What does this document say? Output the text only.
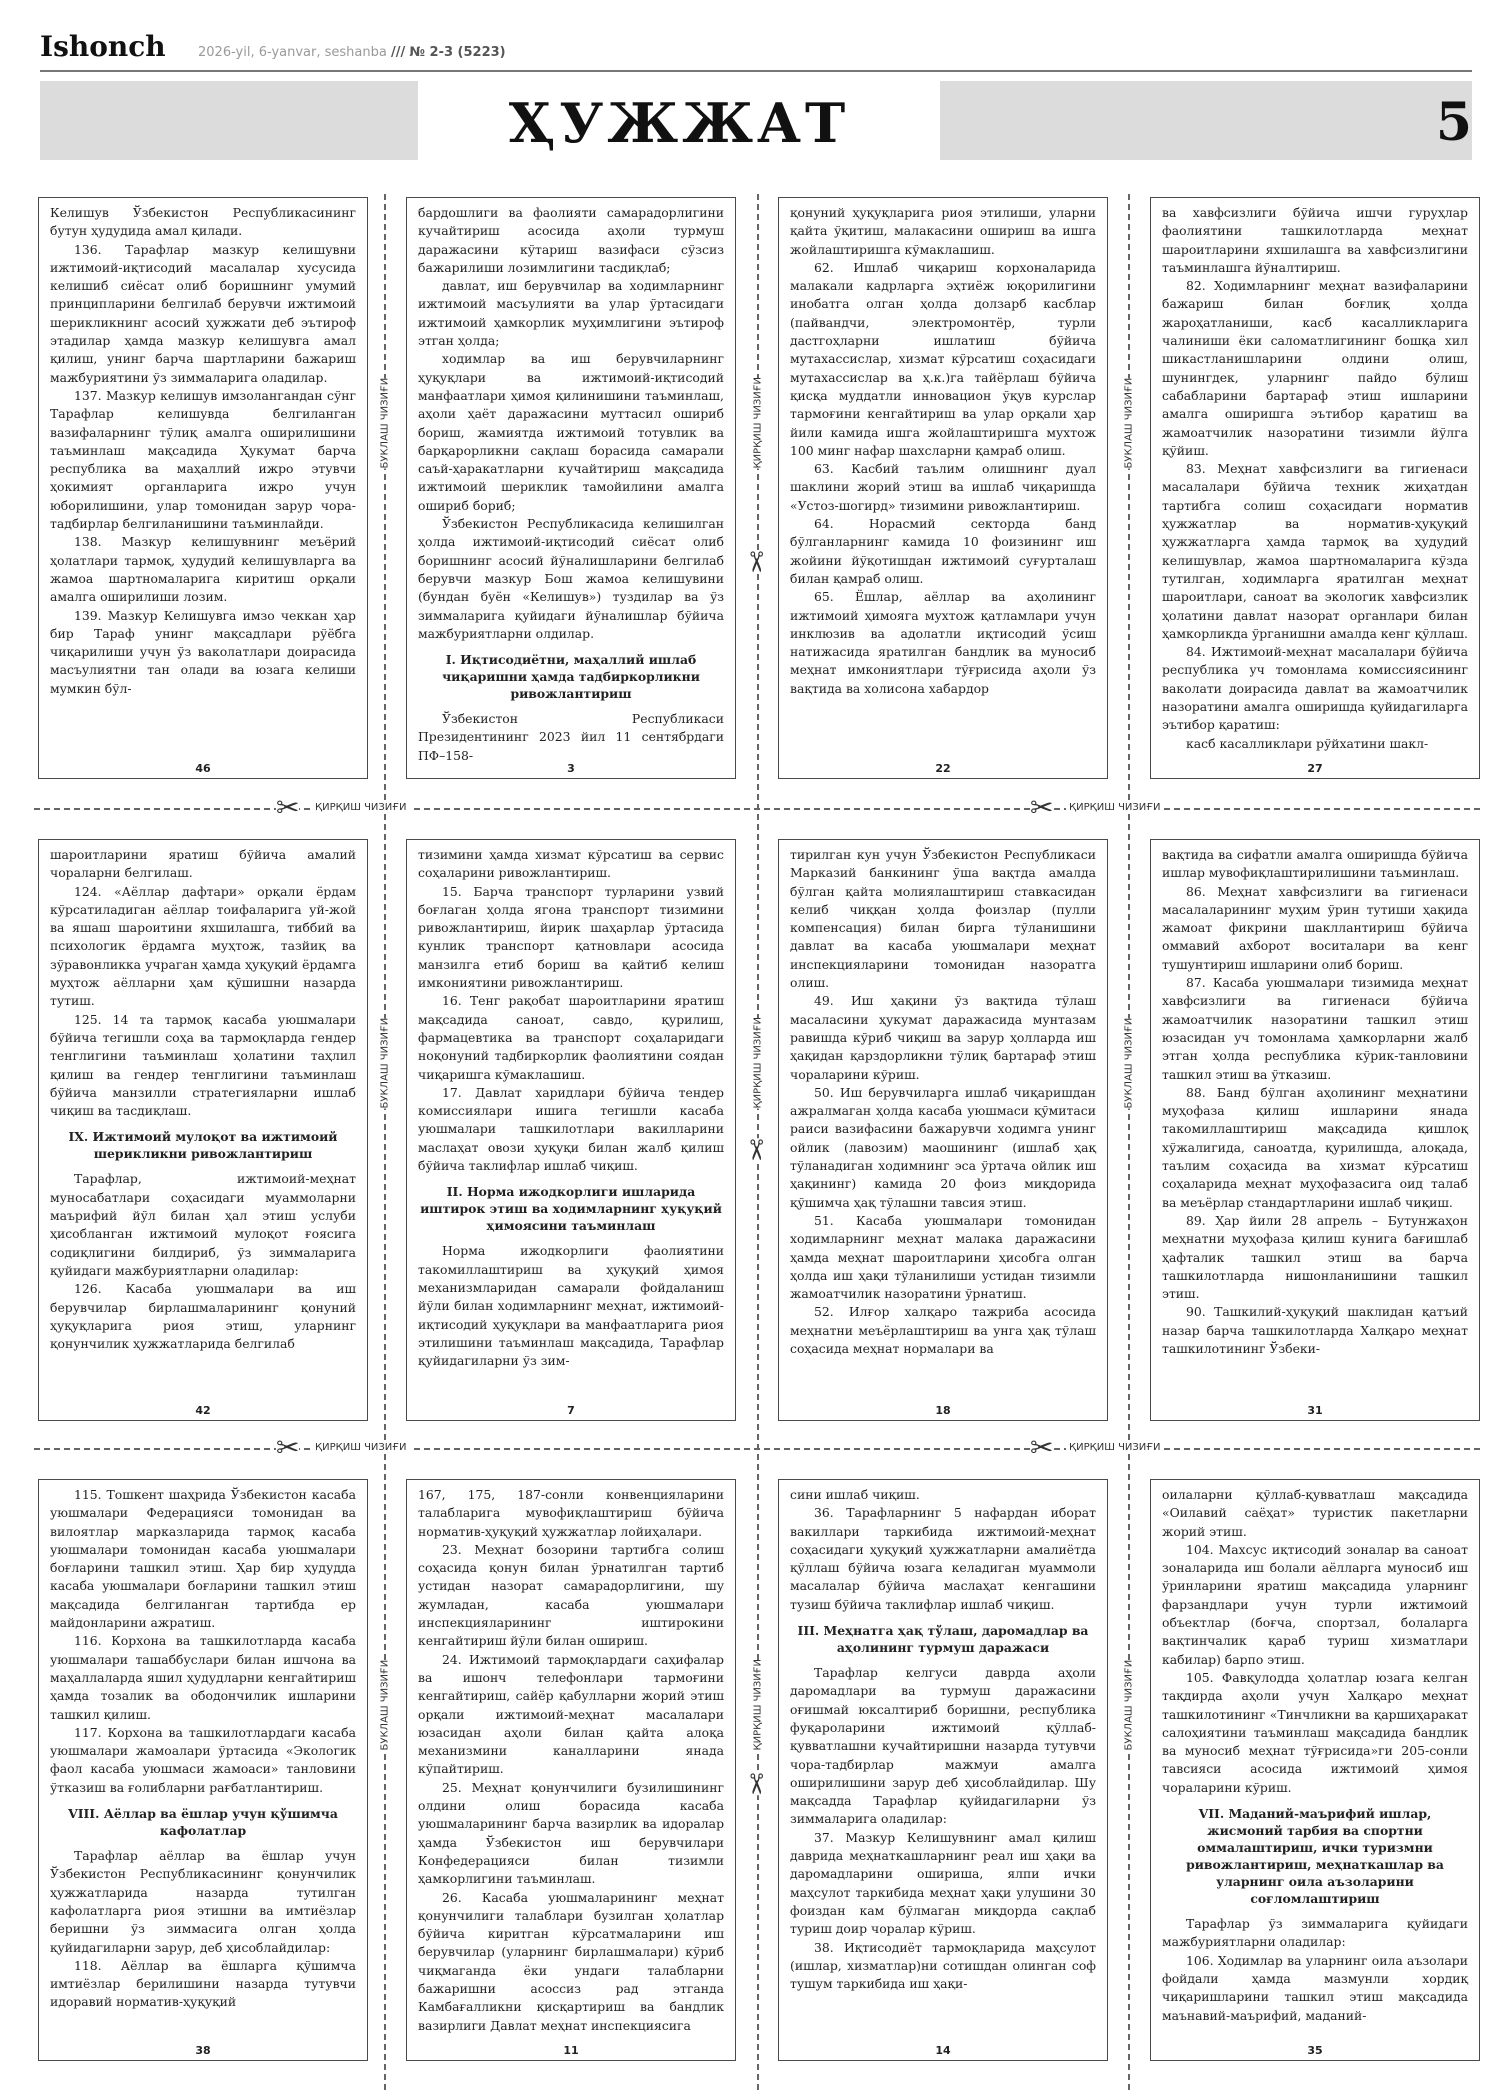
Ishonch 2026-yil, 6-yanvar, seshanba /// № 2-3 (5223)
ҲУЖЖАТ	5
✂	ҚИРҚИШ ЧИЗИҒИ	✂	ҚИРҚИШ ЧИЗИҒИ
✂	ҚИРҚИШ ЧИЗИҒИ	✂	ҚИРҚИШ ЧИЗИҒИ
БУКЛАШ ЧИЗИҒИ
БУКЛАШ ЧИЗИҒИ
БУКЛАШ ЧИЗИҒИ
БУКЛАШ ЧИЗИҒИ
БУКЛАШ ЧИЗИҒИ
БУКЛАШ ЧИЗИҒИ
ҚИРҚИШ ЧИЗИҒИ
ҚИРҚИШ ЧИЗИҒИ
ҚИРҚИШ ЧИЗИҒИ
✂
✂
✂

Келишув Ўзбекистон Республикасининг бутун ҳудудида амал қилади.

136. Тарафлар мазкур келишувни ижтимоий-иқтисодий масалалар хусусида келишиб сиёсат олиб боришнинг умумий принципларини белгилаб берувчи ижтимоий шерикликнинг асосий ҳужжати деб эътироф этадилар ҳамда мазкур келишувга амал қилиш, унинг барча шартларини бажариш мажбуриятини ўз зиммаларига оладилар.

137. Мазкур келишув имзолангандан сўнг Тарафлар келишувда белгиланган вазифаларнинг тўлиқ амалга оширилишини таъминлаш мақсадида Ҳукумат барча республика ва маҳаллий ижро этувчи ҳокимият органларига ижро учун юборилишини, улар томонидан зарур чора-тадбирлар белгиланишини таъминлайди.

138. Мазкур келишувнинг меъёрий ҳолатлари тармоқ, ҳудудий келишувларга ва жамоа шартномаларига киритиш орқали амалга оширилиши лозим.

139. Мазкур Келишувга имзо чеккан ҳар бир Тараф унинг мақсадлари рўёбга чиқарилиши учун ўз ваколатлари доирасида масъулиятни тан олади ва юзага келиши мумкин бўл-

46

бардошлиги ва фаолияти самарадорлигини кучайтириш асосида аҳоли турмуш даражасини кўтариш вазифаси сўзсиз бажарилиши лозимлигини тасдиқлаб;

давлат, иш берувчилар ва ходимларнинг ижтимоий масъулияти ва улар ўртасидаги ижтимоий ҳамкорлик муҳимлигини эътироф этган ҳолда;

ходимлар ва иш берувчиларнинг ҳуқуқлари ва ижтимоий-иқтисодий манфаатлари ҳимоя қилинишини таъминлаш, аҳоли ҳаёт даражасини муттасил ошириб бориш, жамиятда ижтимоий тотувлик ва барқарорликни сақлаш борасида самарали саъй-ҳаракатларни кучайтириш мақсадида ижтимоий шериклик тамойилини амалга ошириб бориб;

Ўзбекистон Республикасида келишилган ҳолда ижтимоий-иқтисодий сиёсат олиб боришнинг асосий йўналишларини белгилаб берувчи мазкур Бош жамоа келишувини (бундан буён «Келишув») туздилар ва ўз зиммаларига қуйидаги йўналишлар бўйича мажбуриятларни олдилар.

I. Иқтисодиётни, маҳаллий ишлаб чиқаришни ҳамда тадбиркорликни ривожлантириш

Ўзбекистон Республикаси Президентининг 2023 йил 11 сентябрдаги ПФ–158-

3

қонуний ҳуқуқларига риоя этилиши, уларни қайта ўқитиш, малакасини ошириш ва ишга жойлаштиришга кўмаклашиш.

62. Ишлаб чиқариш корхоналарида малакали кадрларга эҳтиёж юқорилигини инобатга олган ҳолда долзарб касблар (пайвандчи, электромонтёр, турли дастгоҳларни ишлатиш бўйича мутахассислар, хизмат кўрсатиш соҳасидаги мутахассислар ва ҳ.к.)га тайёрлаш бўйича қисқа муддатли инновацион ўқув курслар тармоғини кенгайтириш ва улар орқали ҳар йили камида ишга жойлаштиришга мухтож 100 минг нафар шахсларни қамраб олиш.

63. Касбий таълим олишнинг дуал шаклини жорий этиш ва ишлаб чиқаришда «Устоз-шогирд» тизимини ривожлантириш.

64. Норасмий секторда банд бўлганларнинг камида 10 фоизининг иш жойини йўқотишдан ижтимоий суғурталаш билан қамраб олиш.

65. Ёшлар, аёллар ва аҳолининг ижтимоий ҳимояга мухтож қатламлари учун инклюзив ва адолатли иқтисодий ўсиш натижасида яратилган бандлик ва муносиб меҳнат имкониятлари тўғрисида аҳоли ўз вақтида ва холисона хабардор

22

ва хавфсизлиги бўйича ишчи гуруҳлар фаолиятини ташкилотларда меҳнат шароитларини яхшилашга ва хавфсизлигини таъминлашга йўналтириш.

82. Ходимларнинг меҳнат вазифаларини бажариш билан боғлиқ ҳолда жароҳатланиши, касб касалликларига чалиниши ёки саломатлигининг бошқа хил шикастланишларини олдини олиш, шунингдек, уларнинг пайдо бўлиш сабабларини бартараф этиш ишларини амалга оширишга эътибор қаратиш ва жамоатчилик назоратини тизимли йўлга қўйиш.

83. Меҳнат хавфсизлиги ва гигиенаси масалалари бўйича техник жиҳатдан тартибга солиш соҳасидаги норматив ҳужжатлар ва норматив-ҳуқуқий ҳужжатларга ҳамда тармоқ ва ҳудудий келишувлар, жамоа шартномаларига кўзда тутилган, ходимларга яратилган меҳнат шароитлари, саноат ва экологик хавфсизлик ҳолатини давлат назорат органлари билан ҳамкорликда ўрганишни амалда кенг қўллаш.

84. Ижтимоий-меҳнат масалалари бўйича республика уч томонлама комиссиясининг ваколати доирасида давлат ва жамоатчилик назоратини амалга оширишда қуйидагиларга эътибор қаратиш:

касб касалликлари рўйхатини шакл-

27

шароитларини яратиш бўйича амалий чораларни белгилаш.

124. «Аёллар дафтари» орқали ёрдам кўрсатиладиган аёллар тоифаларига уй-жой ва яшаш шароитини яхшилашга, тиббий ва психологик ёрдамга муҳтож, тазйиқ ва зўравонликка учраган ҳамда ҳуқуқий ёрдамга муҳтож аёлларни ҳам қўшишни назарда тутиш.

125. 14 та тармоқ касаба уюшмалари бўйича тегишли соҳа ва тармоқларда гендер тенглигини таъминлаш ҳолатини таҳлил қилиш ва гендер тенглигини таъминлаш бўйича манзилли стратегияларни ишлаб чиқиш ва тасдиқлаш.

IX. Ижтимоий мулоқот ва ижтимоий шерикликни ривожлантириш

Тарафлар, ижтимоий-меҳнат муносабатлари соҳасидаги муаммоларни маърифий йўл билан ҳал этиш услуби ҳисобланган ижтимоий мулоқот ғоясига содиқлигини билдириб, ўз зиммаларига қуйидаги мажбуриятларни оладилар:

126. Касаба уюшмалари ва иш берувчилар бирлашмаларининг қонуний ҳуқуқларига риоя этиш, уларнинг қонунчилик ҳужжатларида белгилаб

42

тизимини ҳамда хизмат кўрсатиш ва сервис соҳаларини ривожлантириш.

15. Барча транспорт турларини узвий боғлаган ҳолда ягона транспорт тизимини ривожлантириш, йирик шаҳарлар ўртасида кунлик транспорт қатновлари асосида манзилга етиб бориш ва қайтиб келиш имкониятини ривожлантириш.

16. Тенг рақобат шароитларини яратиш мақсадида саноат, савдо, қурилиш, фармацевтика ва транспорт соҳаларидаги ноқонуний тадбиркорлик фаолиятини соядан чиқаришга кўмаклашиш.

17. Давлат харидлари бўйича тендер комиссиялари ишига тегишли касаба уюшмалари ташкилотлари вакилларини маслаҳат овози ҳуқуқи билан жалб қилиш бўйича таклифлар ишлаб чиқиш.

II. Норма ижодкорлиги ишларида иштирок этиш ва ходимларнинг ҳуқуқий ҳимоясини таъминлаш

Норма ижодкорлиги фаолиятини такомиллаштириш ва ҳуқуқий ҳимоя механизмларидан самарали фойдаланиш йўли билан ходимларнинг меҳнат, ижтимоий-иқтисодий ҳуқуқлари ва манфаатларига риоя этилишини таъминлаш мақсадида, Тарафлар қуйидагиларни ўз зим-

7

тирилган кун учун Ўзбекистон Республикаси Марказий банкининг ўша вақтда амалда бўлган қайта молиялаштириш ставкасидан келиб чиққан ҳолда фоизлар (пулли компенсация) билан бирга тўланишини давлат ва касаба уюшмалари меҳнат инспекцияларини томонидан назоратга олиш.

49. Иш ҳақини ўз вақтида тўлаш масаласини ҳукумат даражасида мунтазам равишда кўриб чиқиш ва зарур ҳолларда иш ҳақидан қарздорликни тўлиқ бартараф этиш чораларини кўриш.

50. Иш берувчиларга ишлаб чиқаришдан ажралмаган ҳолда касаба уюшмаси қўмитаси раиси вазифасини бажарувчи ходимга унинг ойлик (лавозим) маошининг (ишлаб ҳақ тўланадиган ходимнинг эса ўртача ойлик иш ҳақининг) камида 20 фоиз миқдорида қўшимча ҳақ тўлашни тавсия этиш.

51. Касаба уюшмалари томонидан ходимларнинг меҳнат малака даражасини ҳамда меҳнат шароитларини ҳисобга олган ҳолда иш ҳақи тўланилиши устидан тизимли жамоатчилик назоратини ўрнатиш.

52. Илғор халқаро тажриба асосида меҳнатни меъёрлаштириш ва унга ҳақ тўлаш соҳасида меҳнат нормалари ва

18

вақтида ва сифатли амалга оширишда бўйича ишлар мувофиқлаштирилишини таъминлаш.

86. Меҳнат хавфсизлиги ва гигиенаси масалаларининг муҳим ўрин тутиши ҳақида жамоат фикрини шакллантириш бўйича оммавий ахборот воситалари ва кенг тушунтириш ишларини олиб бориш.

87. Касаба уюшмалари тизимида меҳнат хавфсизлиги ва гигиенаси бўйича жамоатчилик назоратини ташкил этиш юзасидан уч томонлама ҳамкорларни жалб этган ҳолда республика кўрик-танловини ташкил этиш ва ўтказиш.

88. Банд бўлган аҳолининг меҳнатини муҳофаза қилиш ишларини янада такомиллаштириш мақсадида қишлоқ хўжалигида, саноатда, қурилишда, алоқада, таълим соҳасида ва хизмат кўрсатиш соҳаларида меҳнат муҳофазасига оид талаб ва меъёрлар стандартларини ишлаб чиқиш.

89. Ҳар йили 28 апрель – Бутунжаҳон меҳнатни муҳофаза қилиш кунига бағишлаб ҳафталик ташкил этиш ва барча ташкилотларда нишонланишини ташкил этиш.

90. Ташкилий-ҳуқуқий шаклидан қатъий назар барча ташкилотларда Халқаро меҳнат ташкилотининг Ўзбеки-

31

115. Тошкент шаҳрида Ўзбекистон касаба уюшмалари Федерацияси томонидан ва вилоятлар марказларида тармоқ касаба уюшмалари томонидан касаба уюшмалари боғларини ташкил этиш. Ҳар бир ҳудудда касаба уюшмалари боғларини ташкил этиш мақсадида белгиланган тартибда ер майдонларини ажратиш.

116. Корхона ва ташкилотларда касаба уюшмалари ташаббуслари билан ишчона ва маҳаллаларда яшил ҳудудларни кенгайтириш ҳамда тозалик ва ободончилик ишларини ташкил қилиш.

117. Корхона ва ташкилотлардаги касаба уюшмалари жамоалари ўртасида «Экологик фаол касаба уюшмаси жамоаси» танловини ўтказиш ва ғолибларни рағбатлантириш.

VIII. Аёллар ва ёшлар учун қўшимча кафолатлар

Тарафлар аёллар ва ёшлар учун Ўзбекистон Республикасининг қонунчилик ҳужжатларида назарда тутилган кафолатларга риоя этишни ва имтиёзлар беришни ўз зиммасига олган ҳолда қуйидагиларни зарур, деб ҳисоблайдилар:

118. Аёллар ва ёшларга қўшимча имтиёзлар берилишини назарда тутувчи идоравий норматив-ҳуқуқий

38

167, 175, 187-сонли конвенцияларини талабларига мувофиқлаштириш бўйича норматив-ҳуқуқий ҳужжатлар лойиҳалари.

23. Меҳнат бозорини тартибга солиш соҳасида қонун билан ўрнатилган тартиб устидан назорат самарадорлигини, шу жумладан, касаба уюшмалари инспекцияларининг иштирокини кенгайтириш йўли билан ошириш.

24. Ижтимоий тармоқлардаги саҳифалар ва ишонч телефонлари тармоғини кенгайтириш, сайёр қабулларни жорий этиш орқали ижтимоий-меҳнат масалалари юзасидан аҳоли билан қайта алоқа механизмини каналларини янада кўпайтириш.

25. Меҳнат қонунчилиги бузилишининг олдини олиш борасида касаба уюшмаларининг барча вазирлик ва идоралар ҳамда Ўзбекистон иш берувчилари Конфедерацияси билан тизимли ҳамкорлигини таъминлаш.

26. Касаба уюшмаларининг меҳнат қонунчилиги талаблари бузилган ҳолатлар бўйича киритган кўрсатмаларини иш берувчилар (уларнинг бирлашмалари) кўриб чиқмаганда ёки ундаги талабларни бажаришни асоссиз рад этганда Камбағалликни қисқартириш ва бандлик вазирлиги Давлат меҳнат инспекциясига

11

сини ишлаб чиқиш.

36. Тарафларнинг 5 нафардан иборат вакиллари таркибида ижтимоий-меҳнат соҳасидаги ҳуқуқий ҳужжатларни амалиётда қўллаш бўйича юзага келадиган муаммоли масалалар бўйича маслаҳат кенгашини тузиш бўйича таклифлар ишлаб чиқиш.

III. Меҳнатга ҳақ тўлаш, даромадлар ва аҳолининг турмуш даражаси

Тарафлар келгуси даврда аҳоли даромадлари ва турмуш даражасини оғишмай юксалтириб боришни, республика фуқароларини ижтимоий қўллаб-қувватлашни кучайтиришни назарда тутувчи чора-тадбирлар мажмуи амалга оширилишини зарур деб ҳисоблайдилар. Шу мақсадда Тарафлар қуйидагиларни ўз зиммаларига оладилар:

37. Мазкур Келишувнинг амал қилиш даврида меҳнаткашларнинг реал иш ҳақи ва даромадларини ошириша, ялпи ички маҳсулот таркибида меҳнат ҳақи улушини 30 фоиздан кам бўлмаган миқдорда сақлаб туриш доир чоралар кўриш.

38. Иқтисодиёт тармоқларида маҳсулот (ишлар, хизматлар)ни сотишдан олинган соф тушум таркибида иш ҳақи-

14

оилаларни қўллаб-қувватлаш мақсадида «Оилавий саёҳат» туристик пакетларни жорий этиш.

104. Махсус иқтисодий зоналар ва саноат зоналарида иш болали аёлларга муносиб иш ўринларини яратиш мақсадида уларнинг фарзандлари учун турли ижтимоий объектлар (боғча, спортзал, болаларга вақтинчалик қараб туриш хизматлари кабилар) барпо этиш.

105. Фавқулодда ҳолатлар юзага келган тақдирда аҳоли учун Халқаро меҳнат ташкилотининг «Тинчликни ва қаршиҳаракат салоҳиятини таъминлаш мақсадида бандлик ва муносиб меҳнат тўғрисида»ги 205-сонли тавсияси асосида ижтимоий ҳимоя чораларини кўриш.

VII. Маданий-маърифий ишлар, жисмоний тарбия ва спортни оммалаштириш, ички туризмни ривожлантириш, меҳнаткашлар ва уларнинг оила аъзоларини соғломлаштириш

Тарафлар ўз зиммаларига қуйидаги мажбуриятларни оладилар:

106. Ходимлар ва уларнинг оила аъзолари фойдали ҳамда мазмунли хордиқ чиқаришларини ташкил этиш мақсадида маънавий-маърифий, маданий-

35
